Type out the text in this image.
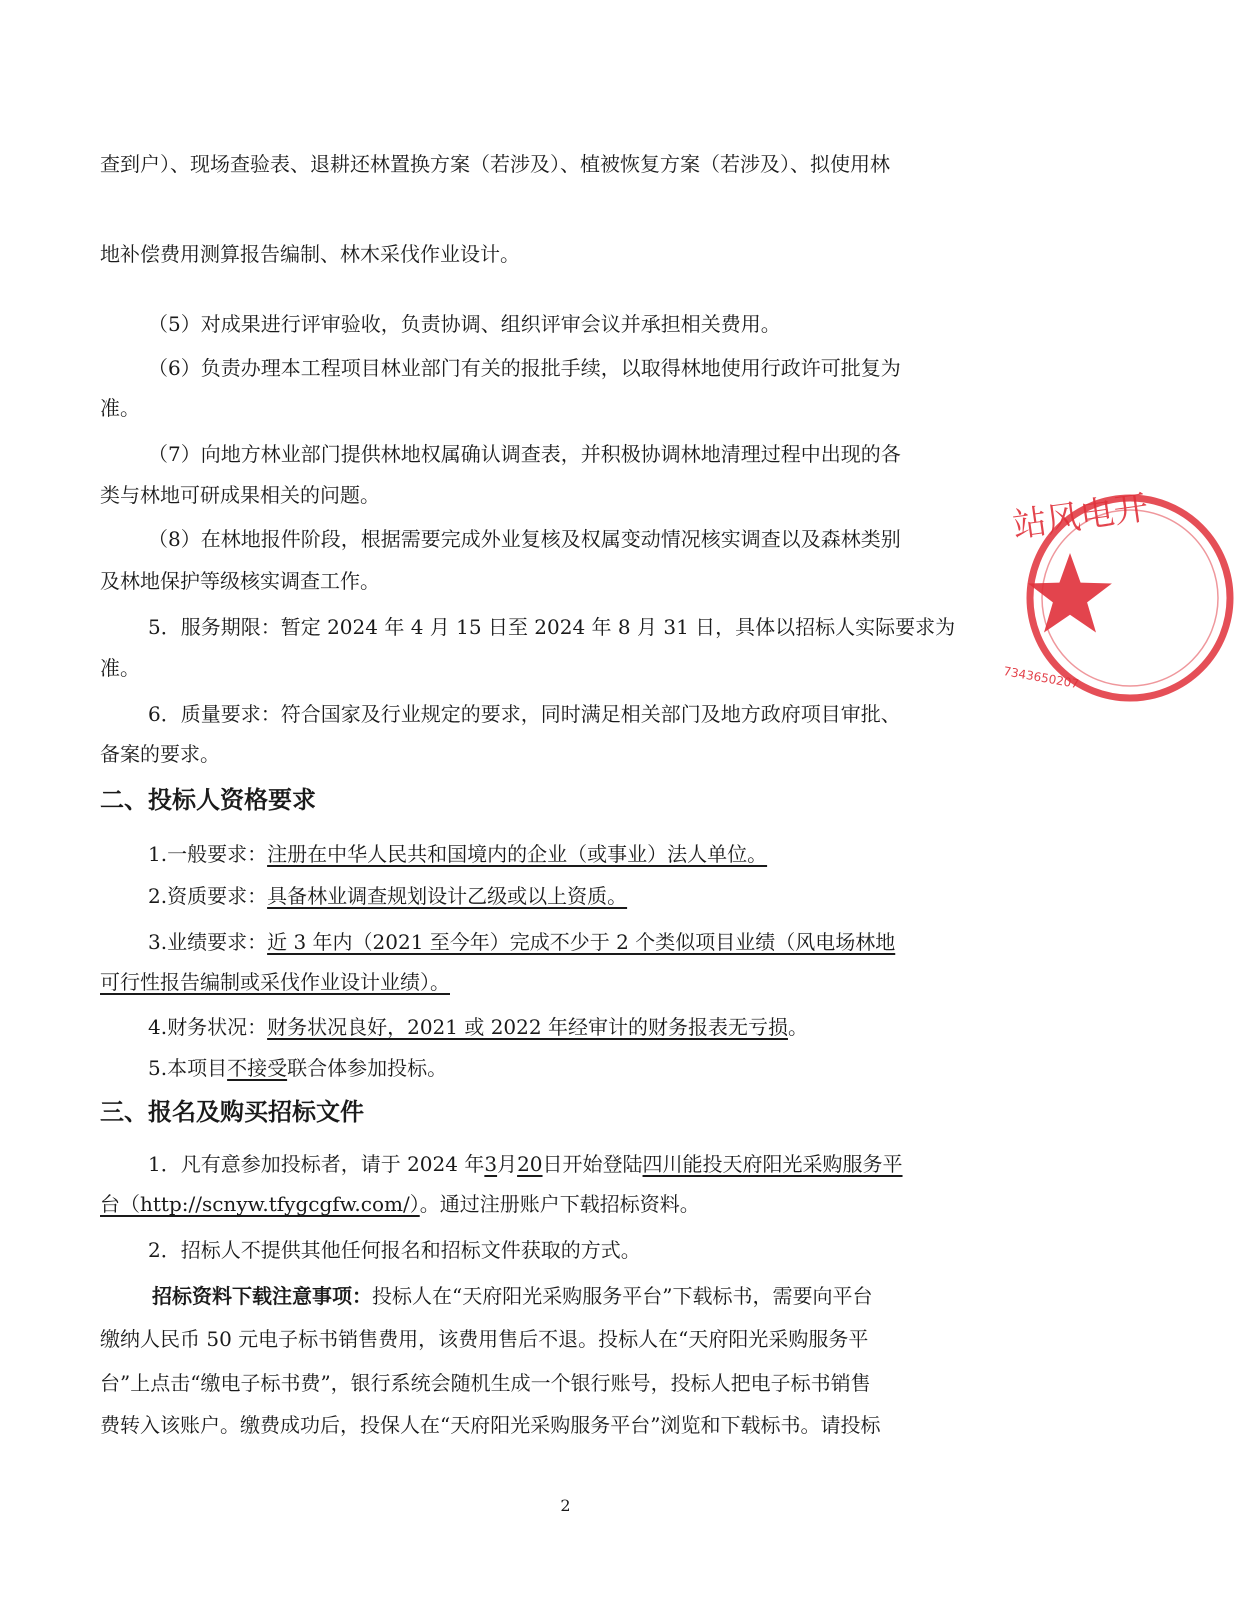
查到户）、现场查验表、退耕还林置换方案（若涉及）、植被恢复方案（若涉及）、拟使用林
地补偿费用测算报告编制、林木采伐作业设计。
（5）对成果进行评审验收，负责协调、组织评审会议并承担相关费用。
（6）负责办理本工程项目林业部门有关的报批手续，以取得林地使用行政许可批复为
准。
（7）向地方林业部门提供林地权属确认调查表，并积极协调林地清理过程中出现的各
类与林地可研成果相关的问题。
（8）在林地报件阶段，根据需要完成外业复核及权属变动情况核实调查以及森林类别
及林地保护等级核实调查工作。
5．服务期限：暂定 2024 年 4 月 15 日至 2024 年 8 月 31 日，具体以招标人实际要求为
准。
6．质量要求：符合国家及行业规定的要求，同时满足相关部门及地方政府项目审批、
备案的要求。
二、投标人资格要求
1.一般要求：注册在中华人民共和国境内的企业（或事业）法人单位。
2.资质要求：具备林业调查规划设计乙级或以上资质。
3.业绩要求：近 3 年内（2021 至今年）完成不少于 2 个类似项目业绩（风电场林地
可行性报告编制或采伐作业设计业绩）。
4.财务状况：财务状况良好，2021 或 2022 年经审计的财务报表无亏损。
5.本项目不接受联合体参加投标。
三、报名及购买招标文件
1．凡有意参加投标者，请于 2024 年3月20日开始登陆四川能投天府阳光采购服务平
台（http://scnyw.tfygcgfw.com/）。通过注册账户下载招标资料。
2．招标人不提供其他任何报名和招标文件获取的方式。
招标资料下载注意事项：投标人在“天府阳光采购服务平台”下载标书，需要向平台
缴纳人民币 50 元电子标书销售费用，该费用售后不退。投标人在“天府阳光采购服务平
台”上点击“缴电子标书费”，银行系统会随机生成一个银行账号，投标人把电子标书销售
费转入该账户。缴费成功后，投保人在“天府阳光采购服务平台”浏览和下载标书。请投标
2
站风电开
7343650207
